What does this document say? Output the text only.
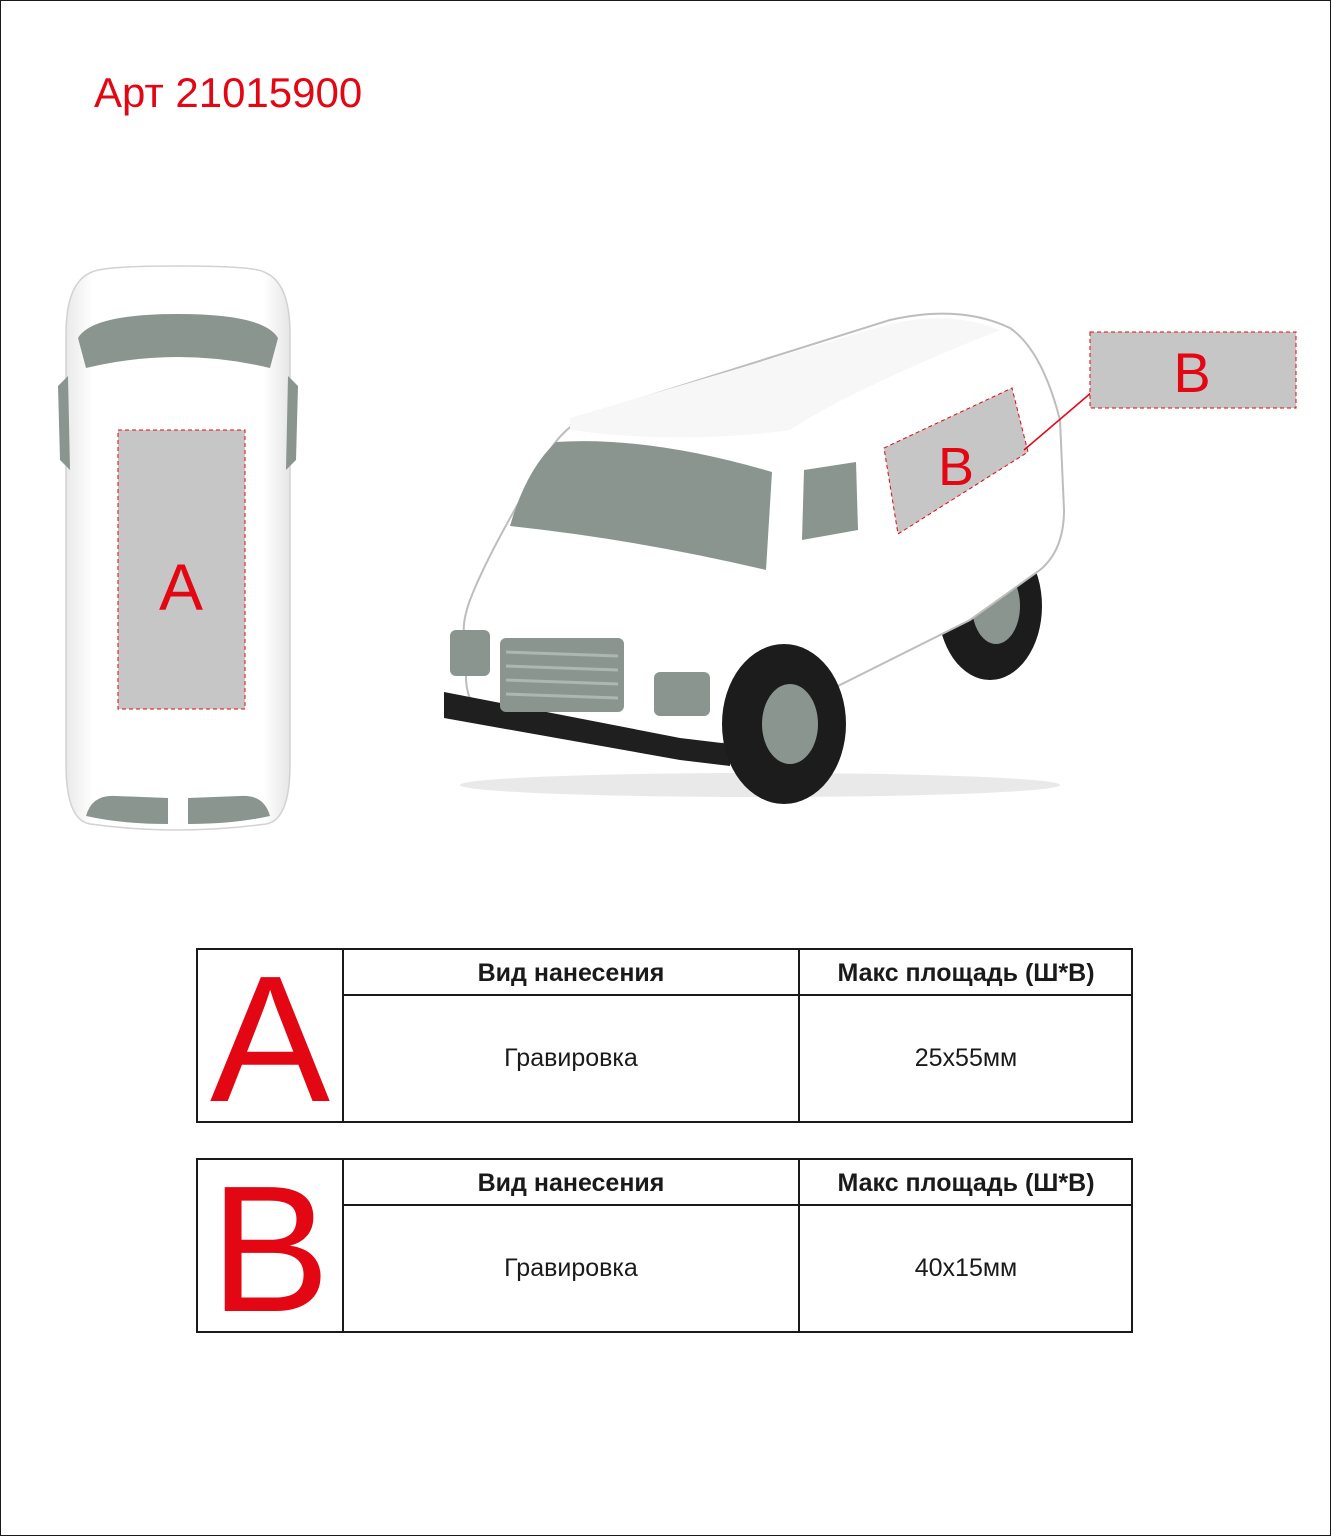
Арт 21015900
A
B
B
A	Вид нанесения	Макс площадь (Ш*В)
Гравировка	25x55мм
B	Вид нанесения	Макс площадь (Ш*В)
Гравировка	40x15мм
